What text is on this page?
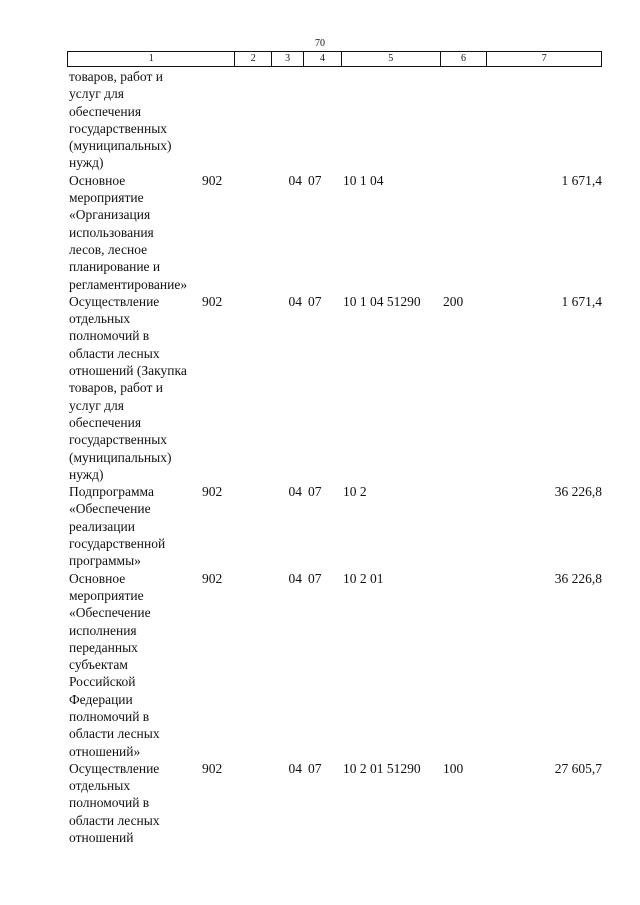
70
1	2	3	4	5	6	7
товаров, работ и
услуг для
обеспечения
государственных
(муниципальных)
нужд)
Основное
мероприятие
«Организация
использования
лесов, лесное
планирование и
регламентирование»
902	04 07	10 1 04	1 671,4
Осуществление
отдельных
полномочий в
области лесных
отношений (Закупка
товаров, работ и
услуг для
обеспечения
государственных
(муниципальных)
нужд)
902	04 07	10 1 04 51290	200	1 671,4
Подпрограмма
«Обеспечение
реализации
государственной
программы»
902	04 07	10 2	36 226,8
Основное
мероприятие
«Обеспечение
исполнения
переданных
субъектам
Российской
Федерации
полномочий в
области лесных
отношений»
902	04 07	10 2 01	36 226,8
Осуществление
отдельных
полномочий в
области лесных
отношений
902	04 07	10 2 01 51290	100	27 605,7
